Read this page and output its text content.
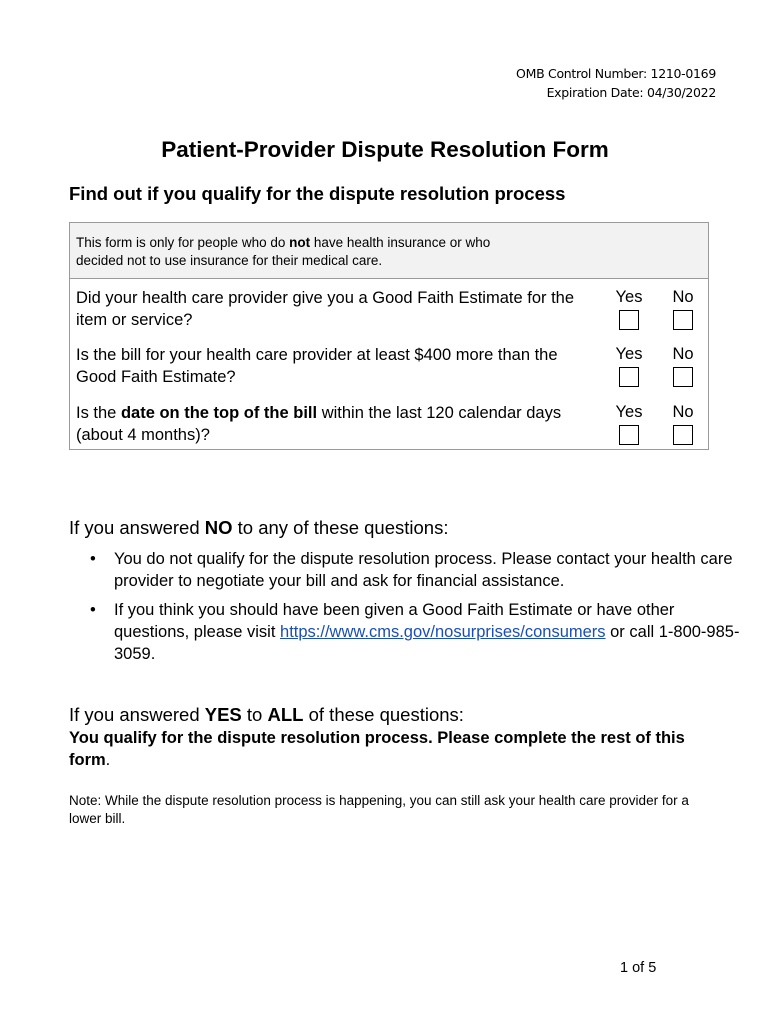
OMB Control Number: 1210-0169
Expiration Date: 04/30/2022
Patient-Provider Dispute Resolution Form
Find out if you qualify for the dispute resolution process
This form is only for people who do not have health insurance or who
decided not to use insurance for their medical care.
Did your health care provider give you a Good Faith Estimate for the item or service?
Yes	No
Is the bill for your health care provider at least $400 more than the Good Faith Estimate?
Yes	No
Is the date on the top of the bill within the last 120 calendar days (about 4 months)?
Yes	No
If you answered NO to any of these questions:
• You do not qualify for the dispute resolution process. Please contact your health care provider to negotiate your bill and ask for financial assistance.
• If you think you should have been given a Good Faith Estimate or have other questions, please visit https://www.cms.gov/nosurprises/consumers or call 1-800-985-3059.
If you answered YES to ALL of these questions:
You qualify for the dispute resolution process. Please complete the rest of this form.
Note: While the dispute resolution process is happening, you can still ask your health care provider for a lower bill.
1 of 5
